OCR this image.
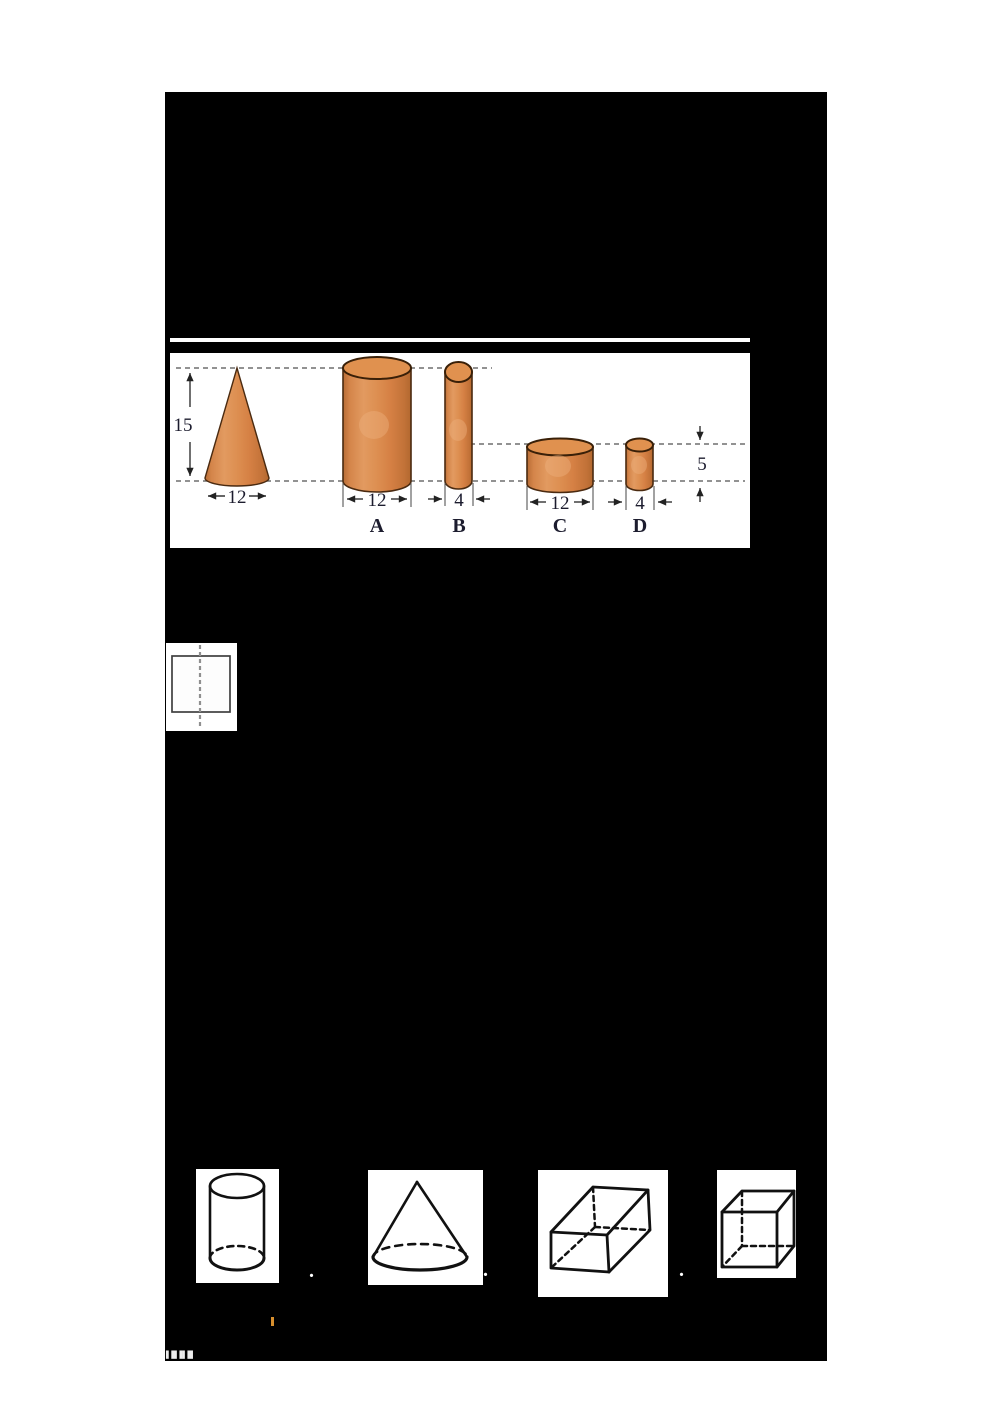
15
12	12	4	12	4
5
A	B	C	D
.	.	.
▌█▐▌█
